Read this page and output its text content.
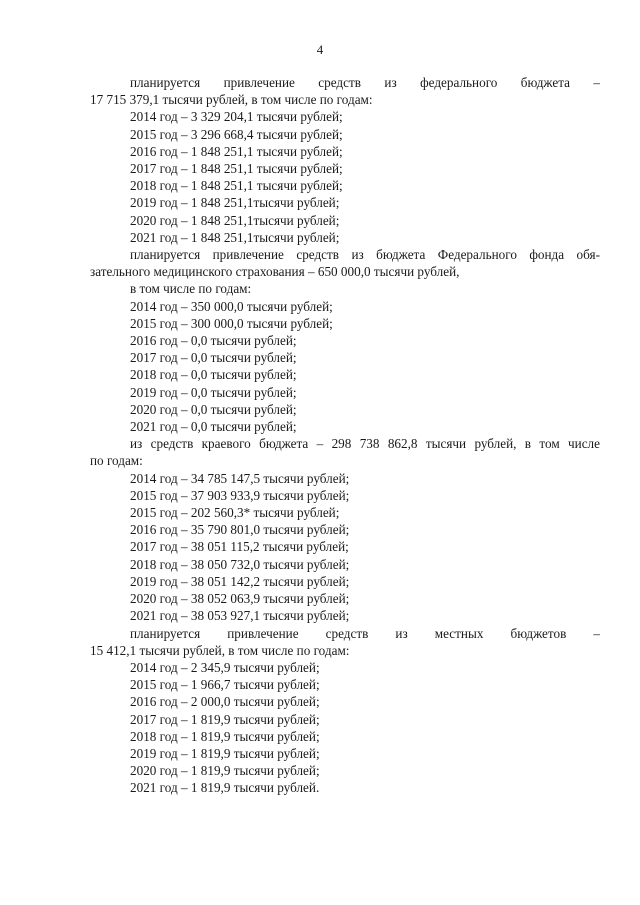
4
планируется привлечение средств из федерального бюджета –
17 715 379,1 тысячи рублей, в том числе по годам:
2014 год – 3 329 204,1 тысячи рублей;
2015 год – 3 296 668,4 тысячи рублей;
2016 год – 1 848 251,1 тысячи рублей;
2017 год – 1 848 251,1 тысячи рублей;
2018 год – 1 848 251,1 тысячи рублей;
2019 год – 1 848 251,1тысячи рублей;
2020 год – 1 848 251,1тысячи рублей;
2021 год – 1 848 251,1тысячи рублей;
планируется привлечение средств из бюджета Федерального фонда обя-
зательного медицинского страхования – 650 000,0 тысячи рублей,
в том числе по годам:
2014 год – 350 000,0 тысячи рублей;
2015 год – 300 000,0 тысячи рублей;
2016 год – 0,0 тысячи рублей;
2017 год – 0,0 тысячи рублей;
2018 год – 0,0 тысячи рублей;
2019 год – 0,0 тысячи рублей;
2020 год – 0,0 тысячи рублей;
2021 год – 0,0 тысячи рублей;
из средств краевого бюджета – 298 738 862,8 тысячи рублей, в том числе
по годам:
2014 год – 34 785 147,5 тысячи рублей;
2015 год – 37 903 933,9 тысячи рублей;
2015 год – 202 560,3* тысячи рублей;
2016 год – 35 790 801,0 тысячи рублей;
2017 год – 38 051 115,2 тысячи рублей;
2018 год – 38 050 732,0 тысячи рублей;
2019 год – 38 051 142,2 тысячи рублей;
2020 год – 38 052 063,9 тысячи рублей;
2021 год – 38 053 927,1 тысячи рублей;
планируется привлечение средств из местных бюджетов –
15 412,1 тысячи рублей, в том числе по годам:
2014 год – 2 345,9 тысячи рублей;
2015 год – 1 966,7 тысячи рублей;
2016 год – 2 000,0 тысячи рублей;
2017 год – 1 819,9 тысячи рублей;
2018 год – 1 819,9 тысячи рублей;
2019 год – 1 819,9 тысячи рублей;
2020 год – 1 819,9 тысячи рублей;
2021 год – 1 819,9 тысячи рублей.
